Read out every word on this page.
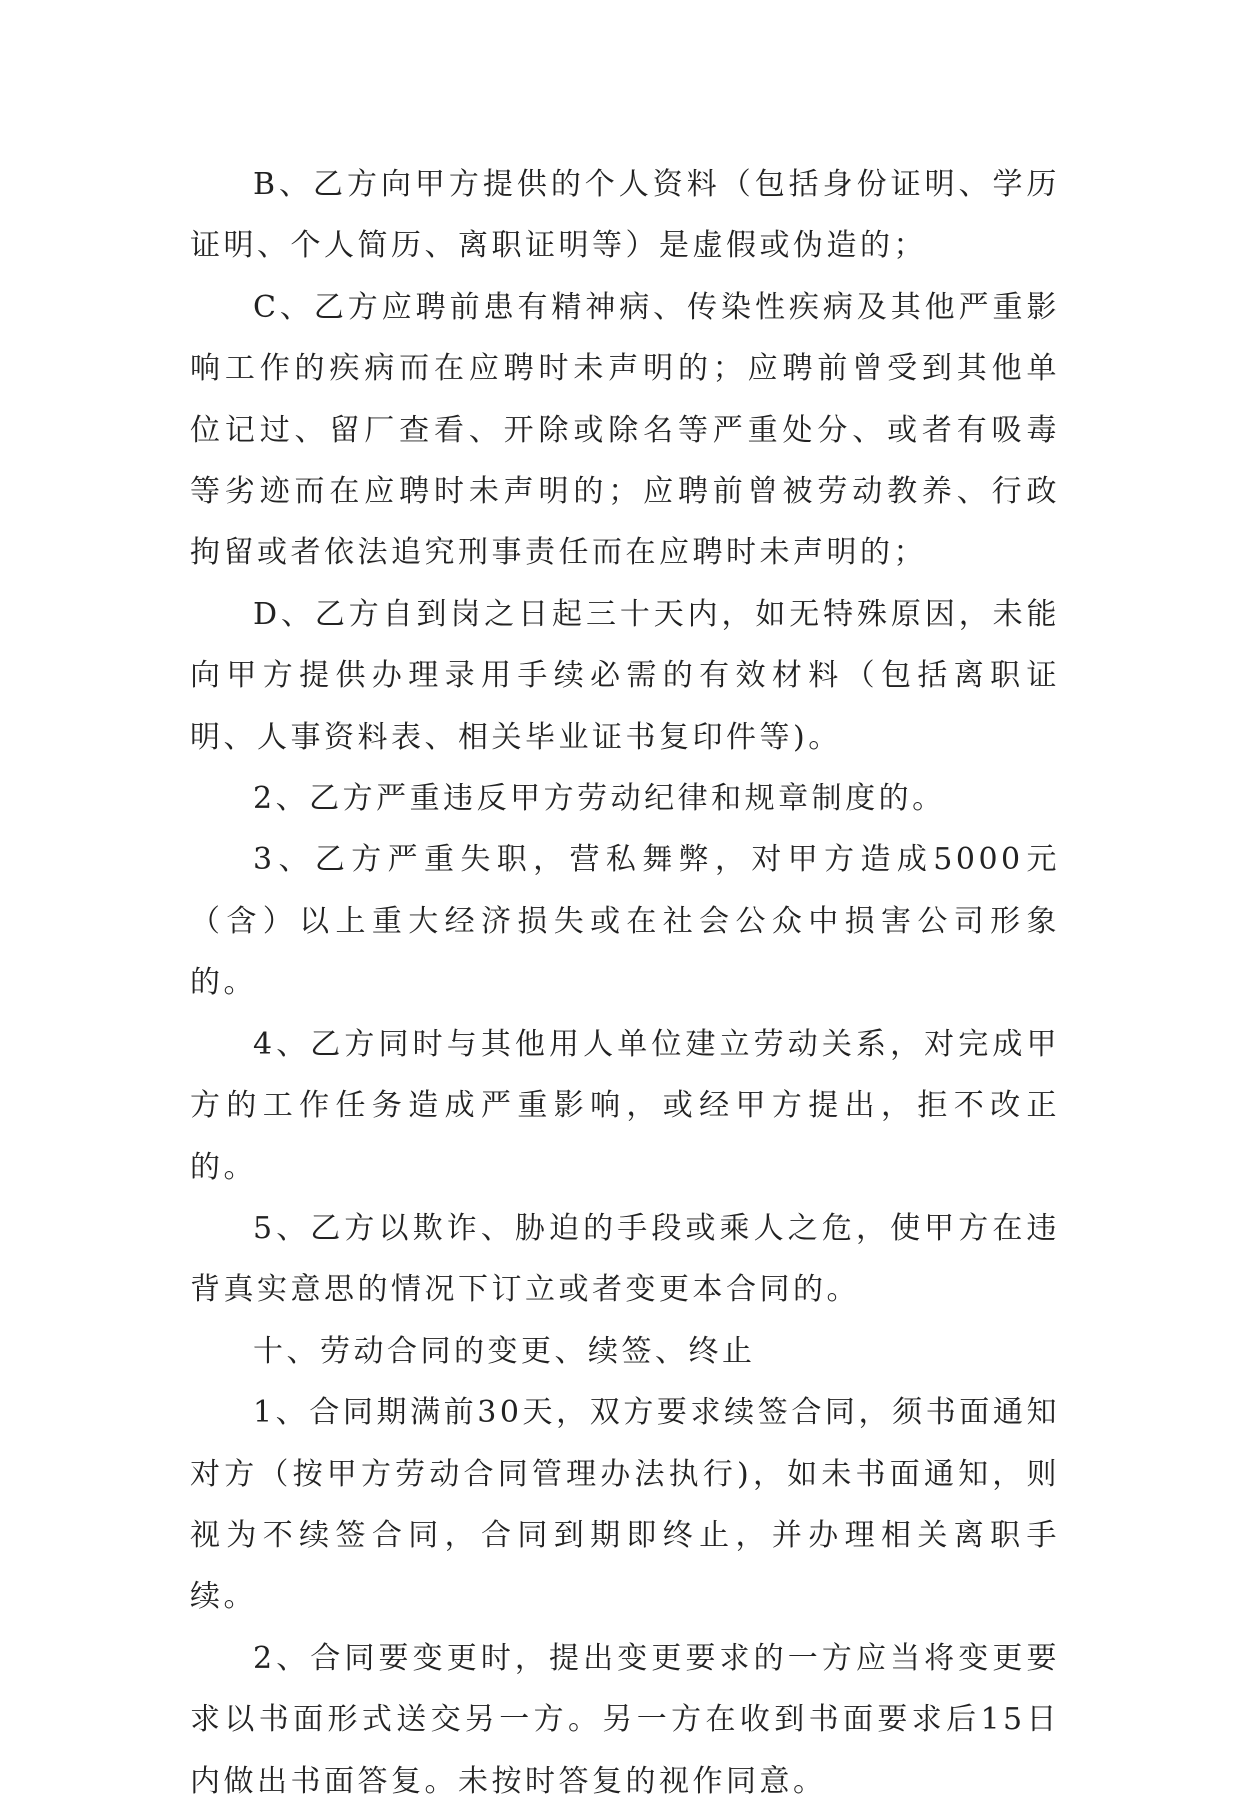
B、乙方向甲方提供的个人资料（包括身份证明、学历证明、个人简历、离职证明等）是虚假或伪造的；

C、乙方应聘前患有精神病、传染性疾病及其他严重影响工作的疾病而在应聘时未声明的；应聘前曾受到其他单位记过、留厂查看、开除或除名等严重处分、或者有吸毒等劣迹而在应聘时未声明的；应聘前曾被劳动教养、行政拘留或者依法追究刑事责任而在应聘时未声明的；

D、乙方自到岗之日起三十天内，如无特殊原因，未能向甲方提供办理录用手续必需的有效材料（包括离职证明、人事资料表、相关毕业证书复印件等)。

2、乙方严重违反甲方劳动纪律和规章制度的。

3、乙方严重失职，营私舞弊，对甲方造成5000元（含）以上重大经济损失或在社会公众中损害公司形象的。

4、乙方同时与其他用人单位建立劳动关系，对完成甲方的工作任务造成严重影响，或经甲方提出，拒不改正的。

5、乙方以欺诈、胁迫的手段或乘人之危，使甲方在违背真实意思的情况下订立或者变更本合同的。

十、劳动合同的变更、续签、终止

1、合同期满前30天，双方要求续签合同，须书面通知对方（按甲方劳动合同管理办法执行)，如未书面通知，则视为不续签合同，合同到期即终止，并办理相关离职手续。

2、合同要变更时，提出变更要求的一方应当将变更要求以书面形式送交另一方。另一方在收到书面要求后15日内做出书面答复。未按时答复的视作同意。
